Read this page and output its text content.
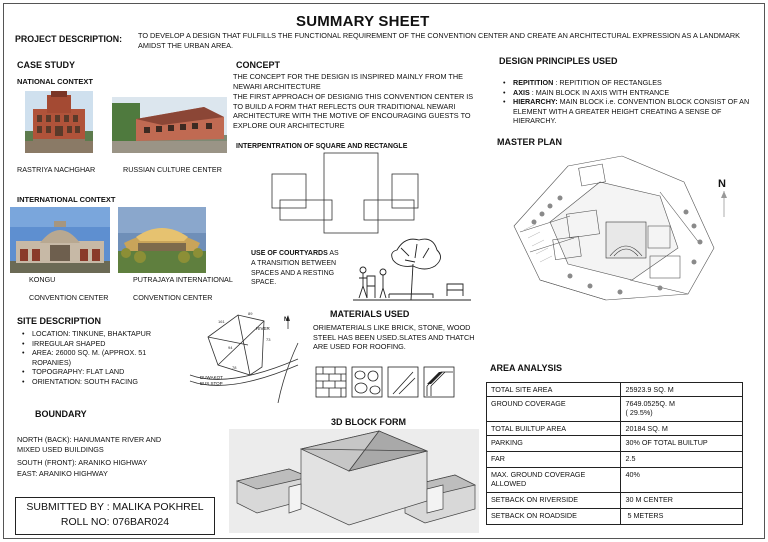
SUMMARY SHEET
PROJECT DESCRIPTION: TO DEVELOP A DESIGN THAT FULFILLS THE FUNCTIONAL REQUIREMENT OF THE CONVENTION CENTER AND CREATE AN ARCHITECTURAL EXPRESSION AS A LANDMARK AMIDST THE URBAN AREA.
CASE STUDY
NATIONAL CONTEXT
RASTRIYA NACHGHAR	RUSSIAN CULTURE CENTER
INTERNATIONAL CONTEXT
KONGU
CONVENTION CENTER
PUTRAJAYA INTERNATIONAL
CONVENTION CENTER
CONCEPT
THE CONCEPT FOR THE DESIGN IS INSPIRED MAINLY FROM THE NEWARI ARCHITECTURE
THE FIRST APPROACH OF DESIGNIG THIS CONVENTION CENTER IS TO BUILD A FORM THAT REFLECTS OUR TRADITIONAL NEWARI ARCHITECTURE WITH THE MOTIVE OF ENCOURAGING GUESTS TO EXPLORE OUR ARCHITECTURE
INTERPENTRATION OF SQUARE AND RECTANGLE
USE OF COURTYARDS AS A TRANSITION BETWEEN SPACES AND A RESTING SPACE.
MATERIALS USED
ORIEMATERIALS LIKE BRICK, STONE, WOOD STEEL HAS BEEN USED.SLATES AND THATCH ARE USED FOR ROOFING.
SITE DESCRIPTION
• LOCATION: TINKUNE, BHAKTAPUR
• IRREGULAR SHAPED
• AREA: 26000 SQ. M. (APPROX. 51 ROPANIES)
• TOPOGRAPHY: FLAT LAND
• ORIENTATION: SOUTH FACING
161
89
73
94
78
RIVER
N
DUWAKOT BUS STOP
BOUNDARY
NORTH (BACK): HANUMANTE RIVER AND MIXED USED BUILDINGS
SOUTH (FRONT): ARANIKO HIGHWAY
EAST: ARANIKO HIGHWAY
SUBMITTED BY : MALIKA POKHREL
ROLL NO: 076BAR024
3D BLOCK FORM
DESIGN PRINCIPLES USED
• REPITITION : REPITITION OF RECTANGLES
• AXIS : MAIN BLOCK IN AXIS WITH ENTRANCE
• HIERARCHY: MAIN BLOCK i.e. CONVENTION BLOCK CONSIST OF AN ELEMENT WITH A GREATER HEIGHT CREATING A SENSE OF HIERARCHY.
MASTER PLAN
N
AREA ANALYSIS
TOTAL SITE AREA	25923.9 SQ. M
GROUND COVERAGE	7649.0525Q. M
( 29.5%)
TOTAL BUILTUP AREA	20184 SQ. M
PARKING	30% OF TOTAL BUILTUP
FAR	2.5
MAX. GROUND COVERAGE ALLOWED	40%
SETBACK ON RIVERSIDE	30 M CENTER
SETBACK ON ROADSIDE	5 METERS
